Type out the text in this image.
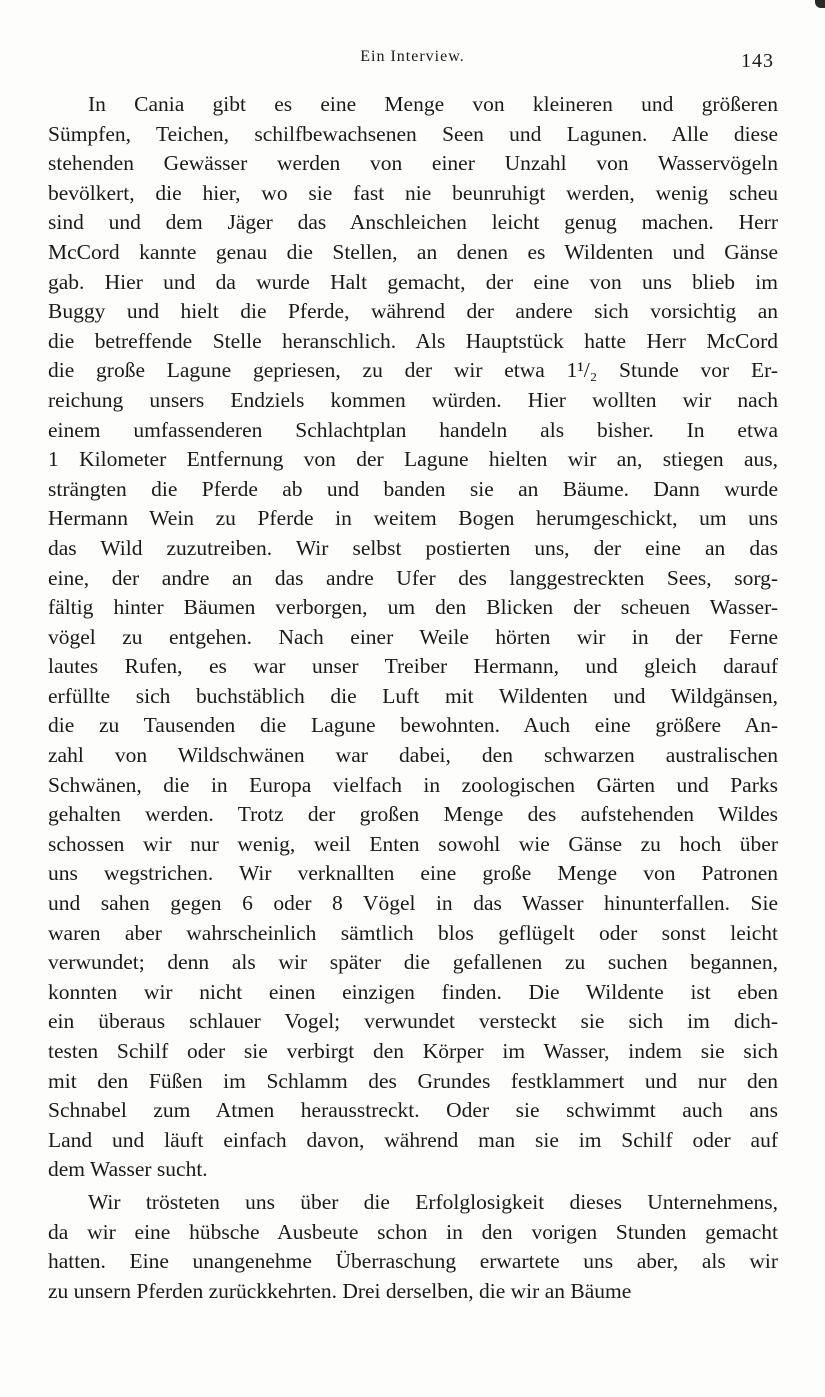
Ein Interview.	143
In Cania gibt es eine Menge von kleineren und größeren
Sümpfen, Teichen, schilfbewachsenen Seen und Lagunen. Alle diese
stehenden Gewässer werden von einer Unzahl von Wasservögeln
bevölkert, die hier, wo sie fast nie beunruhigt werden, wenig scheu
sind und dem Jäger das Anschleichen leicht genug machen. Herr
McCord kannte genau die Stellen, an denen es Wildenten und Gänse
gab. Hier und da wurde Halt gemacht, der eine von uns blieb im
Buggy und hielt die Pferde, während der andere sich vorsichtig an
die betreffende Stelle heranschlich. Als Hauptstück hatte Herr McCord
die große Lagune gepriesen, zu der wir etwa 1¹/₂ Stunde vor Er-
reichung unsers Endziels kommen würden. Hier wollten wir nach
einem umfassenderen Schlachtplan handeln als bisher. In etwa
1 Kilometer Entfernung von der Lagune hielten wir an, stiegen aus,
strängten die Pferde ab und banden sie an Bäume. Dann wurde
Hermann Wein zu Pferde in weitem Bogen herumgeschickt, um uns
das Wild zuzutreiben. Wir selbst postierten uns, der eine an das
eine, der andre an das andre Ufer des langgestreckten Sees, sorg-
fältig hinter Bäumen verborgen, um den Blicken der scheuen Wasser-
vögel zu entgehen. Nach einer Weile hörten wir in der Ferne
lautes Rufen, es war unser Treiber Hermann, und gleich darauf
erfüllte sich buchstäblich die Luft mit Wildenten und Wildgänsen,
die zu Tausenden die Lagune bewohnten. Auch eine größere An-
zahl von Wildschwänen war dabei, den schwarzen australischen
Schwänen, die in Europa vielfach in zoologischen Gärten und Parks
gehalten werden. Trotz der großen Menge des aufstehenden Wildes
schossen wir nur wenig, weil Enten sowohl wie Gänse zu hoch über
uns wegstrichen. Wir verknallten eine große Menge von Patronen
und sahen gegen 6 oder 8 Vögel in das Wasser hinunterfallen. Sie
waren aber wahrscheinlich sämtlich blos geflügelt oder sonst leicht
verwundet; denn als wir später die gefallenen zu suchen begannen,
konnten wir nicht einen einzigen finden. Die Wildente ist eben
ein überaus schlauer Vogel; verwundet versteckt sie sich im dich-
testen Schilf oder sie verbirgt den Körper im Wasser, indem sie sich
mit den Füßen im Schlamm des Grundes festklammert und nur den
Schnabel zum Atmen herausstreckt. Oder sie schwimmt auch ans
Land und läuft einfach davon, während man sie im Schilf oder auf
dem Wasser sucht.
Wir trösteten uns über die Erfolglosigkeit dieses Unternehmens,
da wir eine hübsche Ausbeute schon in den vorigen Stunden gemacht
hatten. Eine unangenehme Überraschung erwartete uns aber, als wir
zu unsern Pferden zurückkehrten. Drei derselben, die wir an Bäume
